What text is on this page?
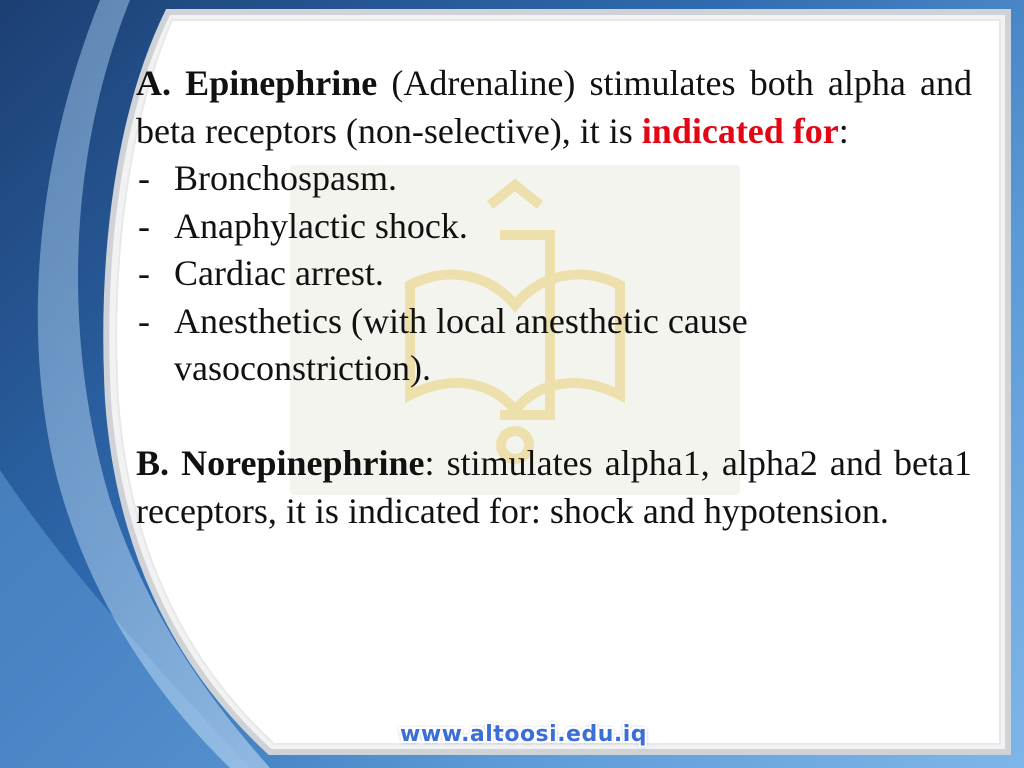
A. Epinephrine (Adrenaline) stimulates both alpha and beta receptors (non-selective), it is indicated for:
- Bronchospasm.
- Anaphylactic shock.
- Cardiac arrest.
- Anesthetics (with local anesthetic cause vasoconstriction).
B. Norepinephrine: stimulates alpha1, alpha2 and beta1 receptors, it is indicated for: shock and hypotension.
www.altoosi.edu.iq
